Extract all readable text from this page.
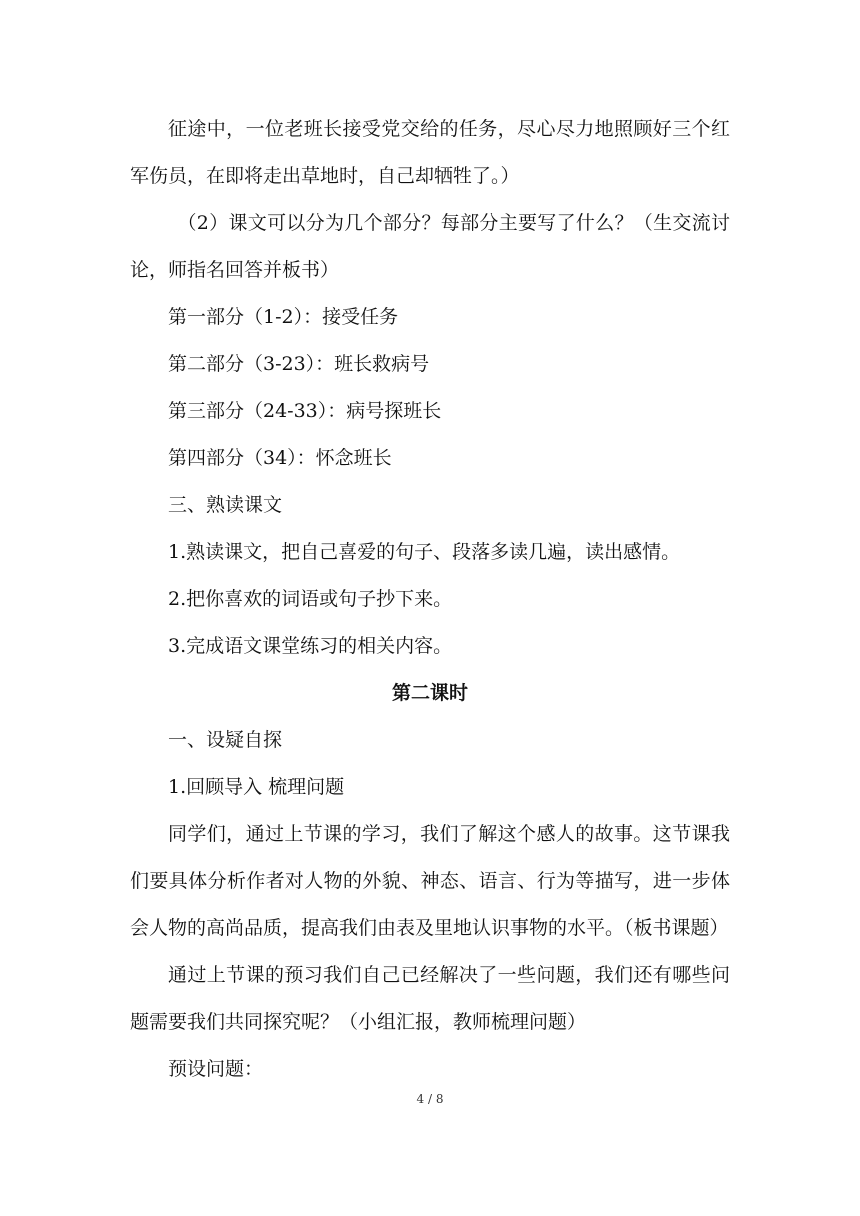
征途中，一位老班长接受党交给的任务，尽心尽力地照顾好三个红军伤员，在即将走出草地时，自己却牺牲了。）

（2）课文可以分为几个部分？每部分主要写了什么？（生交流讨论，师指名回答并板书）

第一部分（1-2）：接受任务

第二部分（3-23）：班长救病号

第三部分（24-33）：病号探班长

第四部分（34）：怀念班长

三、熟读课文

1.熟读课文，把自己喜爱的句子、段落多读几遍，读出感情。

2.把你喜欢的词语或句子抄下来。

3.完成语文课堂练习的相关内容。

第二课时

一、设疑自探

1.回顾导入 梳理问题

同学们，通过上节课的学习，我们了解这个感人的故事。这节课我们要具体分析作者对人物的外貌、神态、语言、行为等描写，进一步体会人物的高尚品质，提高我们由表及里地认识事物的水平。（板书课题）

通过上节课的预习我们自己已经解决了一些问题，我们还有哪些问题需要我们共同探究呢？（小组汇报，教师梳理问题）

预设问题：

4 / 8
